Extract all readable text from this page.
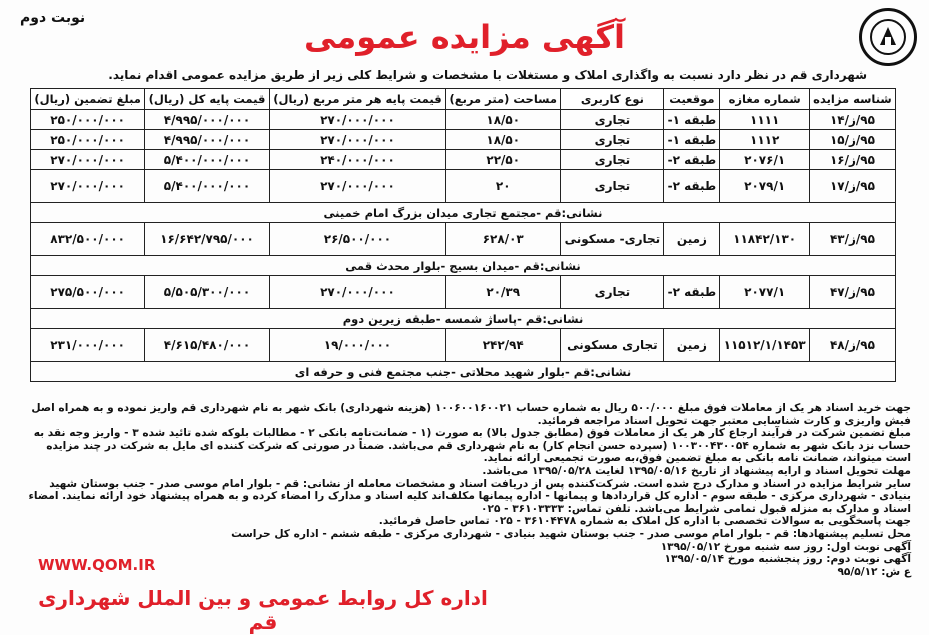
نوبت دوم	آگهی مزایده عمومی
شهرداری قم در نظر دارد نسبت به واگذاری املاک و مستغلات با مشخصات و شرایط کلی زیر از طریق مزایده عمومی اقدام نماید.
شناسه مزایده	شماره مغازه	موقعیت	نوع کاربری	مساحت (متر مربع)	قیمت پایه هر متر مربع (ریال)	قیمت پایه کل (ریال)	مبلغ تضمین (ریال)
۹۵/ز/۱۴	۱۱۱۱	طبقه ۱-	تجاری	۱۸/۵۰	۲۷۰/۰۰۰/۰۰۰	۴/۹۹۵/۰۰۰/۰۰۰	۲۵۰/۰۰۰/۰۰۰
۹۵/ز/۱۵	۱۱۱۲	طبقه ۱-	تجاری	۱۸/۵۰	۲۷۰/۰۰۰/۰۰۰	۴/۹۹۵/۰۰۰/۰۰۰	۲۵۰/۰۰۰/۰۰۰
۹۵/ز/۱۶	۲۰۷۶/۱	طبقه ۲-	تجاری	۲۲/۵۰	۲۴۰/۰۰۰/۰۰۰	۵/۴۰۰/۰۰۰/۰۰۰	۲۷۰/۰۰۰/۰۰۰
۹۵/ز/۱۷	۲۰۷۹/۱	طبقه ۲-	تجاری	۲۰	۲۷۰/۰۰۰/۰۰۰	۵/۴۰۰/۰۰۰/۰۰۰	۲۷۰/۰۰۰/۰۰۰
نشانی:قم -مجتمع تجاری میدان بزرگ امام خمینی							
۹۵/ز/۴۳	۱۱۸۴۲/۱۳۰	زمین	تجاری- مسکونی	۶۲۸/۰۳	۲۶/۵۰۰/۰۰۰	۱۶/۶۴۲/۷۹۵/۰۰۰	۸۳۲/۵۰۰/۰۰۰
نشانی:قم -میدان بسیج -بلوار محدث قمی							
۹۵/ز/۴۷	۲۰۷۷/۱	طبقه ۲-	تجاری	۲۰/۳۹	۲۷۰/۰۰۰/۰۰۰	۵/۵۰۵/۳۰۰/۰۰۰	۲۷۵/۵۰۰/۰۰۰
نشانی:قم -پاساژ شمسه -طبقه زیرین دوم							
۹۵/ز/۴۸	۱۱۵۱۲/۱/۱۴۵۳	زمین	تجاری مسکونی	۲۴۲/۹۴	۱۹/۰۰۰/۰۰۰	۴/۶۱۵/۴۸۰/۰۰۰	۲۳۱/۰۰۰/۰۰۰
نشانی:قم -بلوار شهید محلاتی -جنب مجتمع فنی و حرفه ای							

جهت خرید اسناد هر یک از معاملات فوق مبلغ ۵۰۰/۰۰۰ ریال به شماره حساب ۱۰۰۶۰۰۱۶۰۰۲۱ (هزینه شهرداری) بانک شهر به نام شهرداری قم واریز نموده و به همراه اصل فیش واریزی و کارت شناسایی معتبر جهت تحویل اسناد مراجعه فرمائید.

مبلغ تضمین شرکت در فرآیند ارجاع کار هر یک از معاملات فوق (مطابق جدول بالا) به صورت (۱ - ضمانت‌نامه بانکی ۲ - مطالبات بلوکه شده تائید شده ۳ - واریز وجه نقد به حساب نزد بانک شهر به شماره ۱۰۰۳۰۰۴۳۰۰۵۴ (سپرده حسن انجام کار) به نام شهرداری قم می‌باشد. ضمناً در صورتی که شرکت کننده ای مایل به شرکت در چند مزایده است میتواند، ضمانت نامه بانکی به مبلغ تضمین فوق،به صورت تجمیعی ارائه نماید.

مهلت تحویل اسناد و ارایه پیشنهاد از تاریخ ۱۳۹۵/۰۵/۱۶ لغایت ۱۳۹۵/۰۵/۲۸ می‌باشد.

سایر شرایط مزایده در اسناد و مدارک درج شده است. شرکت‌کننده پس از دریافت اسناد و مشخصات معامله از نشانی: قم - بلوار امام موسی صدر - جنب بوستان شهید بنیادی - شهرداری مرکزی - طبقه سوم - اداره کل قراردادها و پیمانها - اداره پیمانها مکلف‌اند کلیه اسناد و مدارک را امضاء کرده و به همراه پیشنهاد خود ارائه نمایند. امضاء اسناد و مدارک به منزله قبول تمامی شرایط می‌باشد. تلفن تماس: ۳۶۱۰۳۳۳۳ - ۰۲۵

جهت پاسخگویی به سوالات تخصصی با اداره کل املاک به شماره ۳۶۱۰۴۴۷۸ - ۰۲۵ تماس حاصل فرمائید.

محل تسلیم پیشنهادها: قم - بلوار امام موسی صدر - جنب بوستان شهید بنیادی - شهرداری مرکزی - طبقه ششم - اداره کل حراست

آگهی نوبت اول: روز سه شنبه مورخ ۱۳۹۵/۰۵/۱۲

آگهی نوبت دوم: روز پنجشنبه مورخ ۱۳۹۵/۰۵/۱۴

ع ش: ۹۵/۵/۱۲

WWW.QOM.IR
اداره کل روابط عمومی و بین الملل شهرداری قم
